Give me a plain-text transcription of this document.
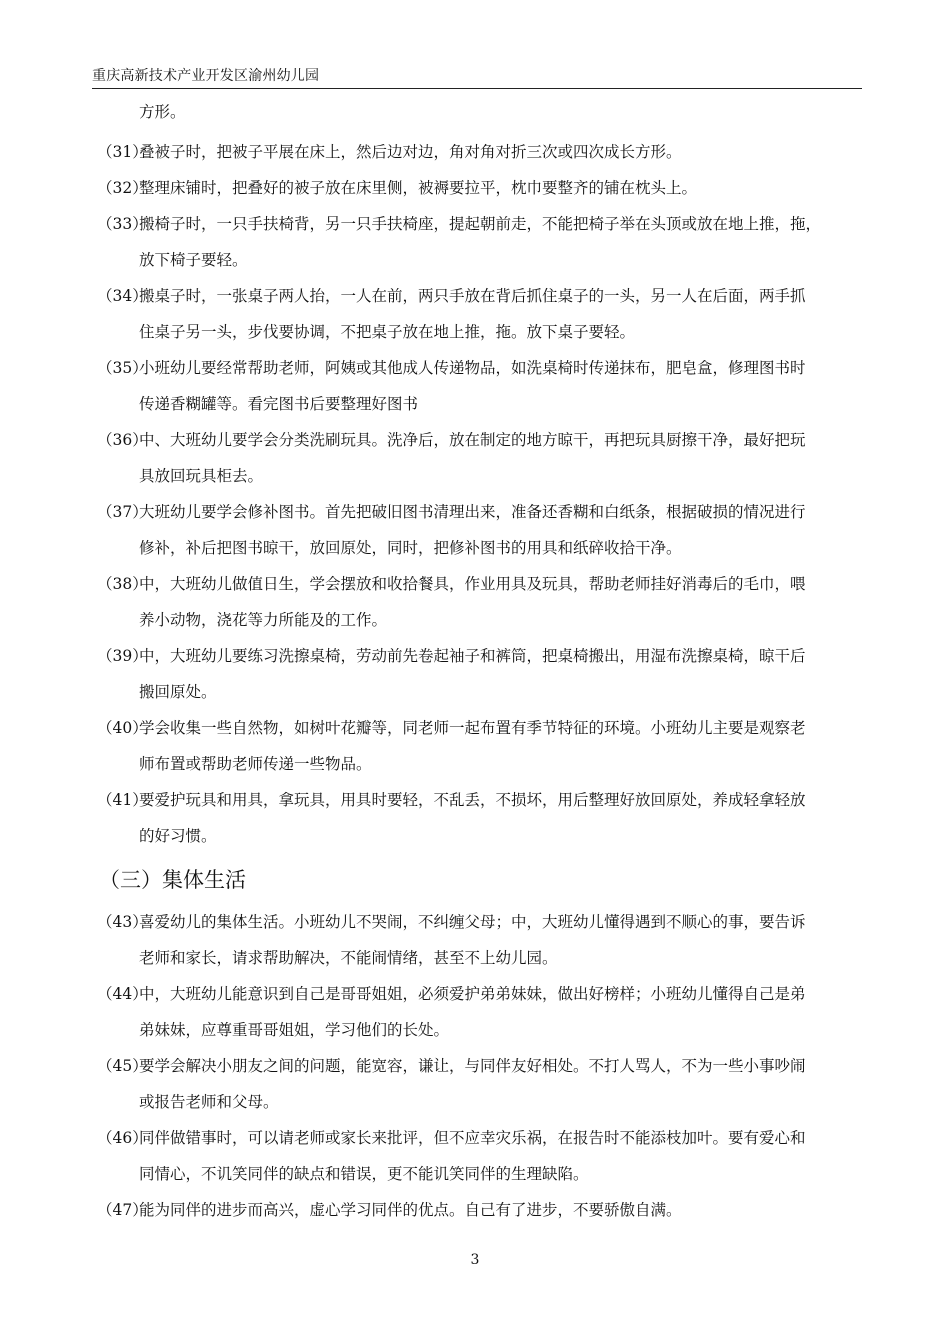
重庆高新技术产业开发区渝州幼儿园
方形。
（31）
叠被子时，把被子平展在床上，然后边对边，角对角对折三次或四次成长方形。
（32）
整理床铺时，把叠好的被子放在床里侧，被褥要拉平，枕巾要整齐的铺在枕头上。
（33）
搬椅子时，一只手扶椅背，另一只手扶椅座，提起朝前走，不能把椅子举在头顶或放在地上推，拖，
放下椅子要轻。
（34）
搬桌子时，一张桌子两人抬，一人在前，两只手放在背后抓住桌子的一头，另一人在后面，两手抓
住桌子另一头，步伐要协调，不把桌子放在地上推，拖。放下桌子要轻。
（35）
小班幼儿要经常帮助老师，阿姨或其他成人传递物品，如洗桌椅时传递抹布，肥皂盒，修理图书时
传递香糊罐等。看完图书后要整理好图书
（36）
中、大班幼儿要学会分类洗刷玩具。洗净后，放在制定的地方晾干，再把玩具厨擦干净，最好把玩
具放回玩具柜去。
（37）
大班幼儿要学会修补图书。首先把破旧图书清理出来，准备还香糊和白纸条，根据破损的情况进行
修补，补后把图书晾干，放回原处，同时，把修补图书的用具和纸碎收拾干净。
（38）
中，大班幼儿做值日生，学会摆放和收拾餐具，作业用具及玩具，帮助老师挂好消毒后的毛巾，喂
养小动物，浇花等力所能及的工作。
（39）
中，大班幼儿要练习洗擦桌椅，劳动前先卷起袖子和裤筒，把桌椅搬出，用湿布洗擦桌椅，晾干后
搬回原处。
（40）
学会收集一些自然物，如树叶花瓣等，同老师一起布置有季节特征的环境。小班幼儿主要是观察老
师布置或帮助老师传递一些物品。
（41）
要爱护玩具和用具，拿玩具，用具时要轻，不乱丢，不损坏，用后整理好放回原处，养成轻拿轻放
的好习惯。
（43）
喜爱幼儿的集体生活。小班幼儿不哭闹，不纠缠父母；中，大班幼儿懂得遇到不顺心的事，要告诉
老师和家长，请求帮助解决，不能闹情绪，甚至不上幼儿园。
（44）
中，大班幼儿能意识到自己是哥哥姐姐，必须爱护弟弟妹妹，做出好榜样；小班幼儿懂得自己是弟
弟妹妹，应尊重哥哥姐姐，学习他们的长处。
（45）
要学会解决小朋友之间的问题，能宽容，谦让，与同伴友好相处。不打人骂人，不为一些小事吵闹
或报告老师和父母。
（46）
同伴做错事时，可以请老师或家长来批评，但不应幸灾乐祸，在报告时不能添枝加叶。要有爱心和
同情心，不讥笑同伴的缺点和错误，更不能讥笑同伴的生理缺陷。
（47）
能为同伴的进步而高兴，虚心学习同伴的优点。自己有了进步，不要骄傲自满。
（三）集体生活
3
